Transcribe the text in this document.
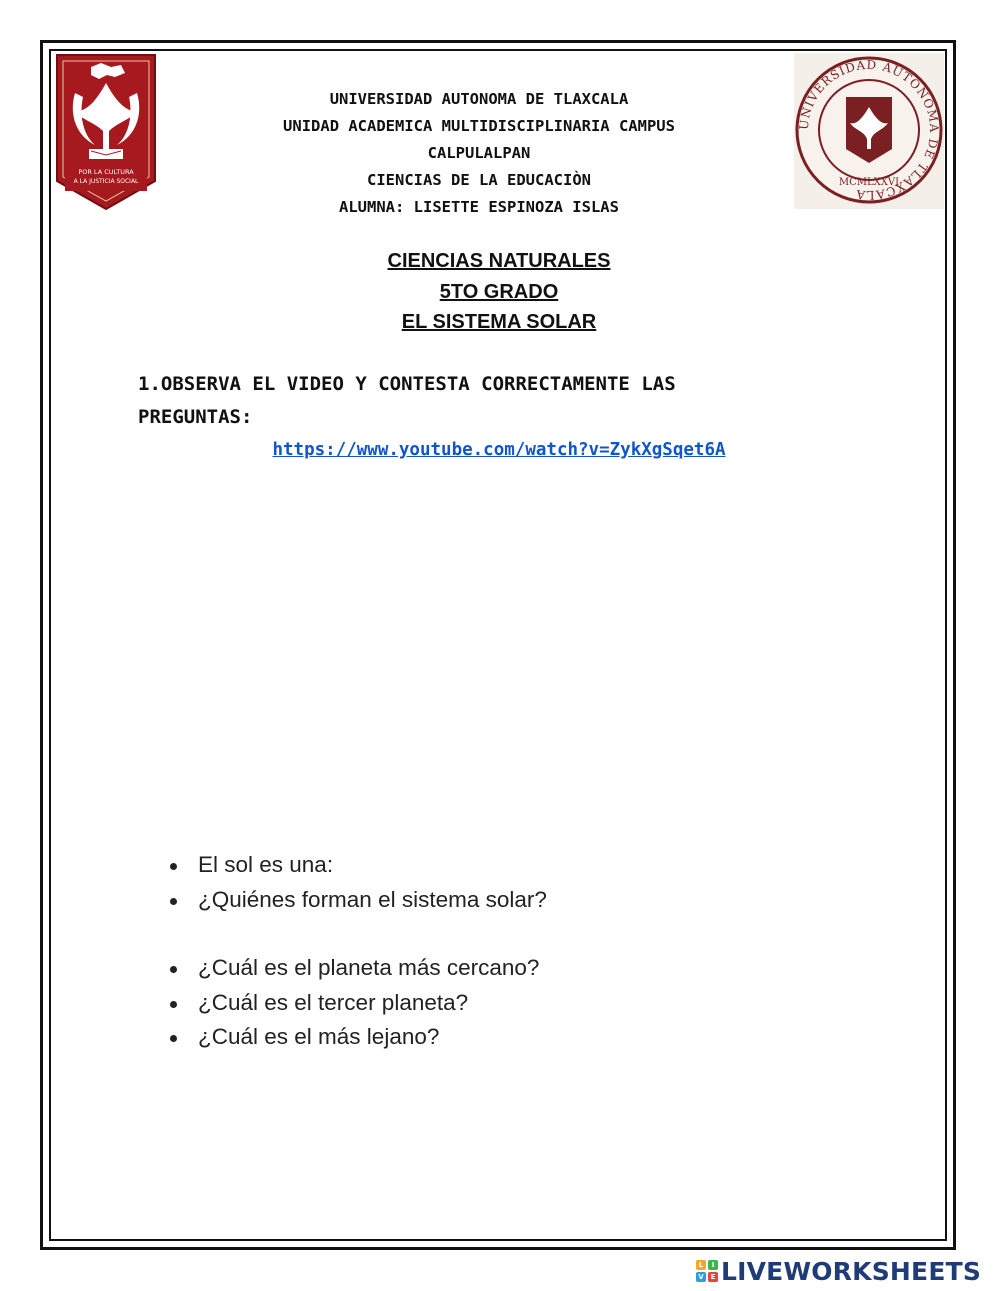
POR LA CULTURA
A LA JUSTICIA SOCIAL
UNIVERSIDAD AUTÓNOMA DE TLAXCALA
MCMLXXVI
UNIVERSIDAD AUTONOMA DE TLAXCALA
UNIDAD ACADEMICA MULTIDISCIPLINARIA CAMPUS
CALPULALPAN
CIENCIAS DE LA EDUCACIÒN
ALUMNA: LISETTE ESPINOZA ISLAS
CIENCIAS NATURALES
5TO GRADO
EL SISTEMA SOLAR
1.OBSERVA EL VIDEO Y CONTESTA CORRECTAMENTE LAS
PREGUNTAS:
https://www.youtube.com/watch?v=ZykXgSqet6A
El sol es una:
¿Quiénes forman el sistema solar?
¿Cuál es el planeta más cercano?
¿Cuál es el tercer planeta?
¿Cuál es el más lejano?
L	I
V E LIVEWORKSHEETS
